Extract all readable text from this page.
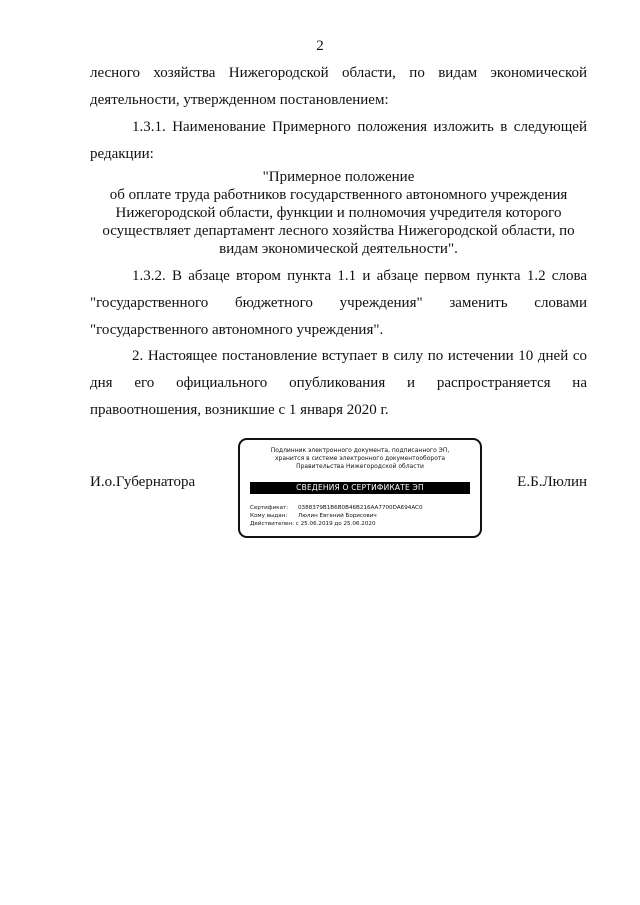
2
лесного хозяйства Нижегородской области, по видам экономической
деятельности, утвержденном постановлением:
1.3.1. Наименование Примерного положения изложить в следующей
редакции:
"Примерное положение
об оплате труда работников государственного автономного учреждения
Нижегородской области, функции и полномочия учредителя которого
осуществляет департамент лесного хозяйства Нижегородской области, по
видам экономической деятельности".
1.3.2. В абзаце втором пункта 1.1 и абзаце первом пункта 1.2 слова
"государственного бюджетного учреждения" заменить словами
"государственного автономного учреждения".
2. Настоящее постановление вступает в силу по истечении 10 дней со
дня его официального опубликования и распространяется на
правоотношения, возникшие с 1 января 2020 г.
И.о.Губернатора
Подлинник электронного документа, подписанного ЭП,
хранится в системе электронного документооборота
Правительства Нижегородской области
СВЕДЕНИЯ О СЕРТИФИКАТЕ ЭП
Сертификат: 0388379B1B6B0B46B216AA7700DA694AC0
Кому выдан: Люлин Евгений Борисович
Действителен: с 25.06.2019 до 25.06.2020
Е.Б.Люлин
